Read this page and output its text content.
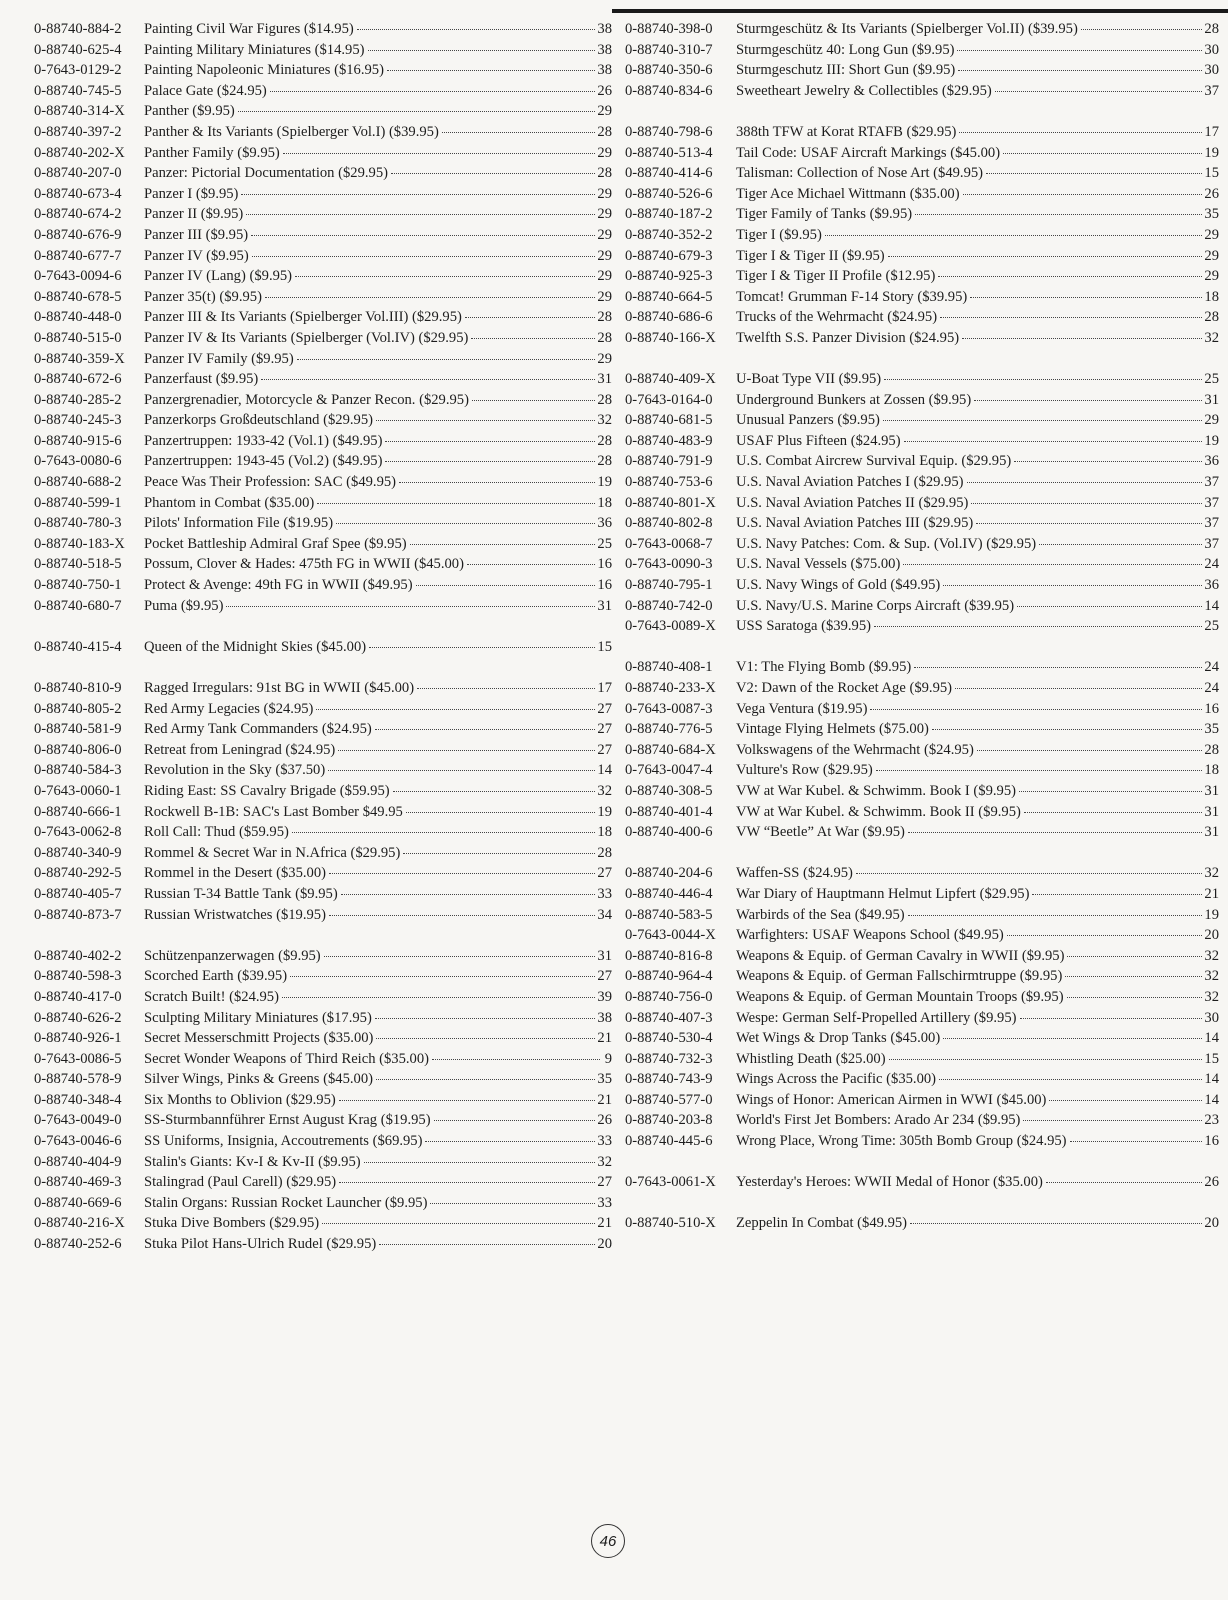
0-88740-884-2	Painting Civil War Figures ($14.95)	38
0-88740-625-4	Painting Military Miniatures ($14.95)	38
0-7643-0129-2	Painting Napoleonic Miniatures ($16.95)	38
0-88740-745-5	Palace Gate ($24.95)	26
0-88740-314-X	Panther ($9.95)	29
0-88740-397-2	Panther & Its Variants (Spielberger Vol.I) ($39.95)	28
0-88740-202-X	Panther Family ($9.95)	29
0-88740-207-0	Panzer: Pictorial Documentation ($29.95)	28
0-88740-673-4	Panzer I ($9.95)	29
0-88740-674-2	Panzer II ($9.95)	29
0-88740-676-9	Panzer III ($9.95)	29
0-88740-677-7	Panzer IV ($9.95)	29
0-7643-0094-6	Panzer IV (Lang) ($9.95)	29
0-88740-678-5	Panzer 35(t) ($9.95)	29
0-88740-448-0	Panzer III & Its Variants (Spielberger Vol.III) ($29.95)	28
0-88740-515-0	Panzer IV & Its Variants (Spielberger (Vol.IV) ($29.95)	28
0-88740-359-X	Panzer IV Family ($9.95)	29
0-88740-672-6	Panzerfaust ($9.95)	31
0-88740-285-2	Panzergrenadier, Motorcycle & Panzer Recon. ($29.95)	28
0-88740-245-3	Panzerkorps Großdeutschland ($29.95)	32
0-88740-915-6	Panzertruppen: 1933-42 (Vol.1) ($49.95)	28
0-7643-0080-6	Panzertruppen: 1943-45 (Vol.2) ($49.95)	28
0-88740-688-2	Peace Was Their Profession: SAC ($49.95)	19
0-88740-599-1	Phantom in Combat ($35.00)	18
0-88740-780-3	Pilots' Information File ($19.95)	36
0-88740-183-X	Pocket Battleship Admiral Graf Spee ($9.95)	25
0-88740-518-5	Possum, Clover & Hades: 475th FG in WWII ($45.00)	16
0-88740-750-1	Protect & Avenge: 49th FG in WWII ($49.95)	16
0-88740-680-7	Puma ($9.95)	31
0-88740-415-4	Queen of the Midnight Skies ($45.00)	15
0-88740-810-9	Ragged Irregulars: 91st BG in WWII ($45.00)	17
0-88740-805-2	Red Army Legacies ($24.95)	27
0-88740-581-9	Red Army Tank Commanders ($24.95)	27
0-88740-806-0	Retreat from Leningrad ($24.95)	27
0-88740-584-3	Revolution in the Sky ($37.50)	14
0-7643-0060-1	Riding East: SS Cavalry Brigade ($59.95)	32
0-88740-666-1	Rockwell B-1B: SAC's Last Bomber $49.95	19
0-7643-0062-8	Roll Call: Thud ($59.95)	18
0-88740-340-9	Rommel & Secret War in N.Africa ($29.95)	28
0-88740-292-5	Rommel in the Desert ($35.00)	27
0-88740-405-7	Russian T-34 Battle Tank ($9.95)	33
0-88740-873-7	Russian Wristwatches ($19.95)	34
0-88740-402-2	Schützenpanzerwagen ($9.95)	31
0-88740-598-3	Scorched Earth ($39.95)	27
0-88740-417-0	Scratch Built! ($24.95)	39
0-88740-626-2	Sculpting Military Miniatures ($17.95)	38
0-88740-926-1	Secret Messerschmitt Projects ($35.00)	21
0-7643-0086-5	Secret Wonder Weapons of Third Reich ($35.00)	9
0-88740-578-9	Silver Wings, Pinks & Greens ($45.00)	35
0-88740-348-4	Six Months to Oblivion ($29.95)	21
0-7643-0049-0	SS-Sturmbannführer Ernst August Krag ($19.95)	26
0-7643-0046-6	SS Uniforms, Insignia, Accoutrements ($69.95)	33
0-88740-404-9	Stalin's Giants: Kv-I & Kv-II ($9.95)	32
0-88740-469-3	Stalingrad (Paul Carell) ($29.95)	27
0-88740-669-6	Stalin Organs: Russian Rocket Launcher ($9.95)	33
0-88740-216-X	Stuka Dive Bombers ($29.95)	21
0-88740-252-6	Stuka Pilot Hans-Ulrich Rudel ($29.95)	20
0-88740-398-0	Sturmgeschütz & Its Variants (Spielberger Vol.II) ($39.95)	28
0-88740-310-7	Sturmgeschütz 40: Long Gun ($9.95)	30
0-88740-350-6	Sturmgeschutz III: Short Gun ($9.95)	30
0-88740-834-6	Sweetheart Jewelry & Collectibles ($29.95)	37
0-88740-798-6	388th TFW at Korat RTAFB ($29.95)	17
0-88740-513-4	Tail Code: USAF Aircraft Markings ($45.00)	19
0-88740-414-6	Talisman: Collection of Nose Art ($49.95)	15
0-88740-526-6	Tiger Ace Michael Wittmann ($35.00)	26
0-88740-187-2	Tiger Family of Tanks ($9.95)	35
0-88740-352-2	Tiger I ($9.95)	29
0-88740-679-3	Tiger I & Tiger II ($9.95)	29
0-88740-925-3	Tiger I & Tiger II Profile ($12.95)	29
0-88740-664-5	Tomcat! Grumman F-14 Story ($39.95)	18
0-88740-686-6	Trucks of the Wehrmacht ($24.95)	28
0-88740-166-X	Twelfth S.S. Panzer Division ($24.95)	32
0-88740-409-X	U-Boat Type VII ($9.95)	25
0-7643-0164-0	Underground Bunkers at Zossen ($9.95)	31
0-88740-681-5	Unusual Panzers ($9.95)	29
0-88740-483-9	USAF Plus Fifteen ($24.95)	19
0-88740-791-9	U.S. Combat Aircrew Survival Equip. ($29.95)	36
0-88740-753-6	U.S. Naval Aviation Patches I ($29.95)	37
0-88740-801-X	U.S. Naval Aviation Patches II ($29.95)	37
0-88740-802-8	U.S. Naval Aviation Patches III ($29.95)	37
0-7643-0068-7	U.S. Navy Patches: Com. & Sup. (Vol.IV) ($29.95)	37
0-7643-0090-3	U.S. Naval Vessels ($75.00)	24
0-88740-795-1	U.S. Navy Wings of Gold ($49.95)	36
0-88740-742-0	U.S. Navy/U.S. Marine Corps Aircraft ($39.95)	14
0-7643-0089-X	USS Saratoga ($39.95)	25
0-88740-408-1	V1: The Flying Bomb ($9.95)	24
0-88740-233-X	V2: Dawn of the Rocket Age ($9.95)	24
0-7643-0087-3	Vega Ventura ($19.95)	16
0-88740-776-5	Vintage Flying Helmets ($75.00)	35
0-88740-684-X	Volkswagens of the Wehrmacht ($24.95)	28
0-7643-0047-4	Vulture's Row ($29.95)	18
0-88740-308-5	VW at War Kubel. & Schwimm. Book I ($9.95)	31
0-88740-401-4	VW at War Kubel. & Schwimm. Book II ($9.95)	31
0-88740-400-6	VW “Beetle” At War ($9.95)	31
0-88740-204-6	Waffen-SS ($24.95)	32
0-88740-446-4	War Diary of Hauptmann Helmut Lipfert ($29.95)	21
0-88740-583-5	Warbirds of the Sea ($49.95)	19
0-7643-0044-X	Warfighters: USAF Weapons School ($49.95)	20
0-88740-816-8	Weapons & Equip. of German Cavalry in WWII ($9.95)	32
0-88740-964-4	Weapons & Equip. of German Fallschirmtruppe ($9.95)	32
0-88740-756-0	Weapons & Equip. of German Mountain Troops ($9.95)	32
0-88740-407-3	Wespe: German Self-Propelled Artillery ($9.95)	30
0-88740-530-4	Wet Wings & Drop Tanks ($45.00)	14
0-88740-732-3	Whistling Death ($25.00)	15
0-88740-743-9	Wings Across the Pacific ($35.00)	14
0-88740-577-0	Wings of Honor: American Airmen in WWI ($45.00)	14
0-88740-203-8	World's First Jet Bombers: Arado Ar 234 ($9.95)	23
0-88740-445-6	Wrong Place, Wrong Time: 305th Bomb Group ($24.95)	16
0-7643-0061-X	Yesterday's Heroes: WWII Medal of Honor ($35.00)	26
0-88740-510-X	Zeppelin In Combat ($49.95)	20
46
